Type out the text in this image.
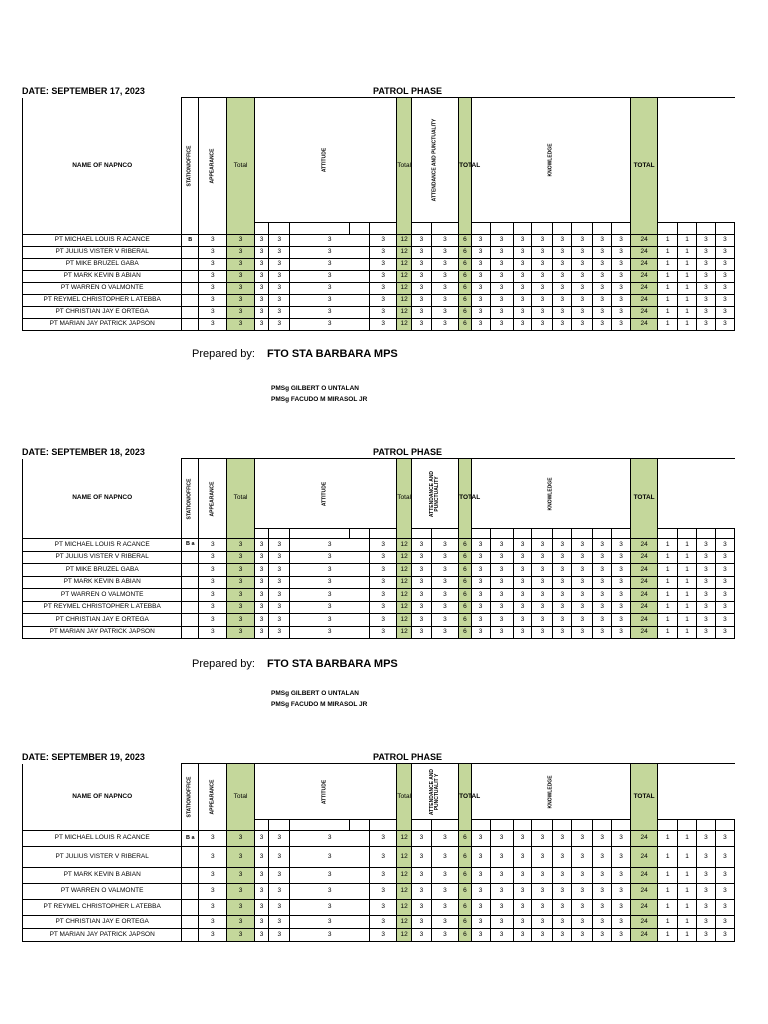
DATE: SEPTEMBER 17, 2023	PATROL PHASE
NAME OF NAPNCO	STATION/OFFICE	APPEARANCE	Total	ATTITUDE					Total	ATTENDANCE AND PUNCTUALITY		TOTAL	KNOWLEDGE								TOTAL				

PT MICHAEL LOUIS R ACANCE	B	3	3	3	3	3		3	12	3	3	6	3	3	3	3	3	3	3	3	24	1	1	3	3
PT JULIUS VISTER V RIBERAL		3	3	3	3	3		3	12	3	3	6	3	3	3	3	3	3	3	3	24	1	1	3	3
PT MIKE BRUZEL GABA		3	3	3	3	3		3	12	3	3	6	3	3	3	3	3	3	3	3	24	1	1	3	3
PT MARK KEVIN B ABIAN		3	3	3	3	3		3	12	3	3	6	3	3	3	3	3	3	3	3	24	1	1	3	3
PT WARREN O VALMONTE		3	3	3	3	3		3	12	3	3	6	3	3	3	3	3	3	3	3	24	1	1	3	3
PT REYMEL CHRISTOPHER L ATEBBA		3	3	3	3	3		3	12	3	3	6	3	3	3	3	3	3	3	3	24	1	1	3	3
PT CHRISTIAN JAY E ORTEGA		3	3	3	3	3		3	12	3	3	6	3	3	3	3	3	3	3	3	24	1	1	3	3
PT MARIAN JAY PATRICK JAPSON		3	3	3	3	3		3	12	3	3	6	3	3	3	3	3	3	3	3	24	1	1	3	3
Prepared by: FTO STA BARBARA MPS
PMSg GILBERT O UNTALAN
PMSg FACUDO M MIRASOL JR
DATE: SEPTEMBER 18, 2023	PATROL PHASE
NAME OF NAPNCO	STATION/OFFICE	APPEARANCE	Total	ATTITUDE					Total	ATTENDANCE AND PUNCTUALITY		TOTAL	KNOWLEDGE								TOTAL				

PT MICHAEL LOUIS R ACANCE	B a	3	3	3	3	3		3	12	3	3	6	3	3	3	3	3	3	3	3	24	1	1	3	3
PT JULIUS VISTER V RIBERAL		3	3	3	3	3		3	12	3	3	6	3	3	3	3	3	3	3	3	24	1	1	3	3
PT MIKE BRUZEL GABA		3	3	3	3	3		3	12	3	3	6	3	3	3	3	3	3	3	3	24	1	1	3	3
PT MARK KEVIN B ABIAN		3	3	3	3	3		3	12	3	3	6	3	3	3	3	3	3	3	3	24	1	1	3	3
PT WARREN O VALMONTE		3	3	3	3	3		3	12	3	3	6	3	3	3	3	3	3	3	3	24	1	1	3	3
PT REYMEL CHRISTOPHER L ATEBBA		3	3	3	3	3		3	12	3	3	6	3	3	3	3	3	3	3	3	24	1	1	3	3
PT CHRISTIAN JAY E ORTEGA		3	3	3	3	3		3	12	3	3	6	3	3	3	3	3	3	3	3	24	1	1	3	3
PT MARIAN JAY PATRICK JAPSON		3	3	3	3	3		3	12	3	3	6	3	3	3	3	3	3	3	3	24	1	1	3	3
Prepared by: FTO STA BARBARA MPS
PMSg GILBERT O UNTALAN
PMSg FACUDO M MIRASOL JR
DATE: SEPTEMBER 19, 2023	PATROL PHASE
NAME OF NAPNCO	STATION/OFFICE	APPEARANCE	Total	ATTITUDE					Total	ATTENDANCE AND PUNCTUALIT Y		TOTAL	KNOWLEDGE								TOTAL				

PT MICHAEL LOUIS R ACANCE	B a	3	3	3	3	3		3	12	3	3	6	3	3	3	3	3	3	3	3	24	1	1	3	3
PT JULIUS VISTER V RIBERAL		3	3	3	3	3		3	12	3	3	6	3	3	3	3	3	3	3	3	24	1	1	3	3
PT MARK KEVIN B ABIAN		3	3	3	3	3		3	12	3	3	6	3	3	3	3	3	3	3	3	24	1	1	3	3
PT WARREN O VALMONTE		3	3	3	3	3		3	12	3	3	6	3	3	3	3	3	3	3	3	24	1	1	3	3
PT REYMEL CHRISTOPHER L ATEBBA		3	3	3	3	3		3	12	3	3	6	3	3	3	3	3	3	3	3	24	1	1	3	3
PT CHRISTIAN JAY E ORTEGA		3	3	3	3	3		3	12	3	3	6	3	3	3	3	3	3	3	3	24	1	1	3	3
PT MARIAN JAY PATRICK JAPSON		3	3	3	3	3		3	12	3	3	6	3	3	3	3	3	3	3	3	24	1	1	3	3
